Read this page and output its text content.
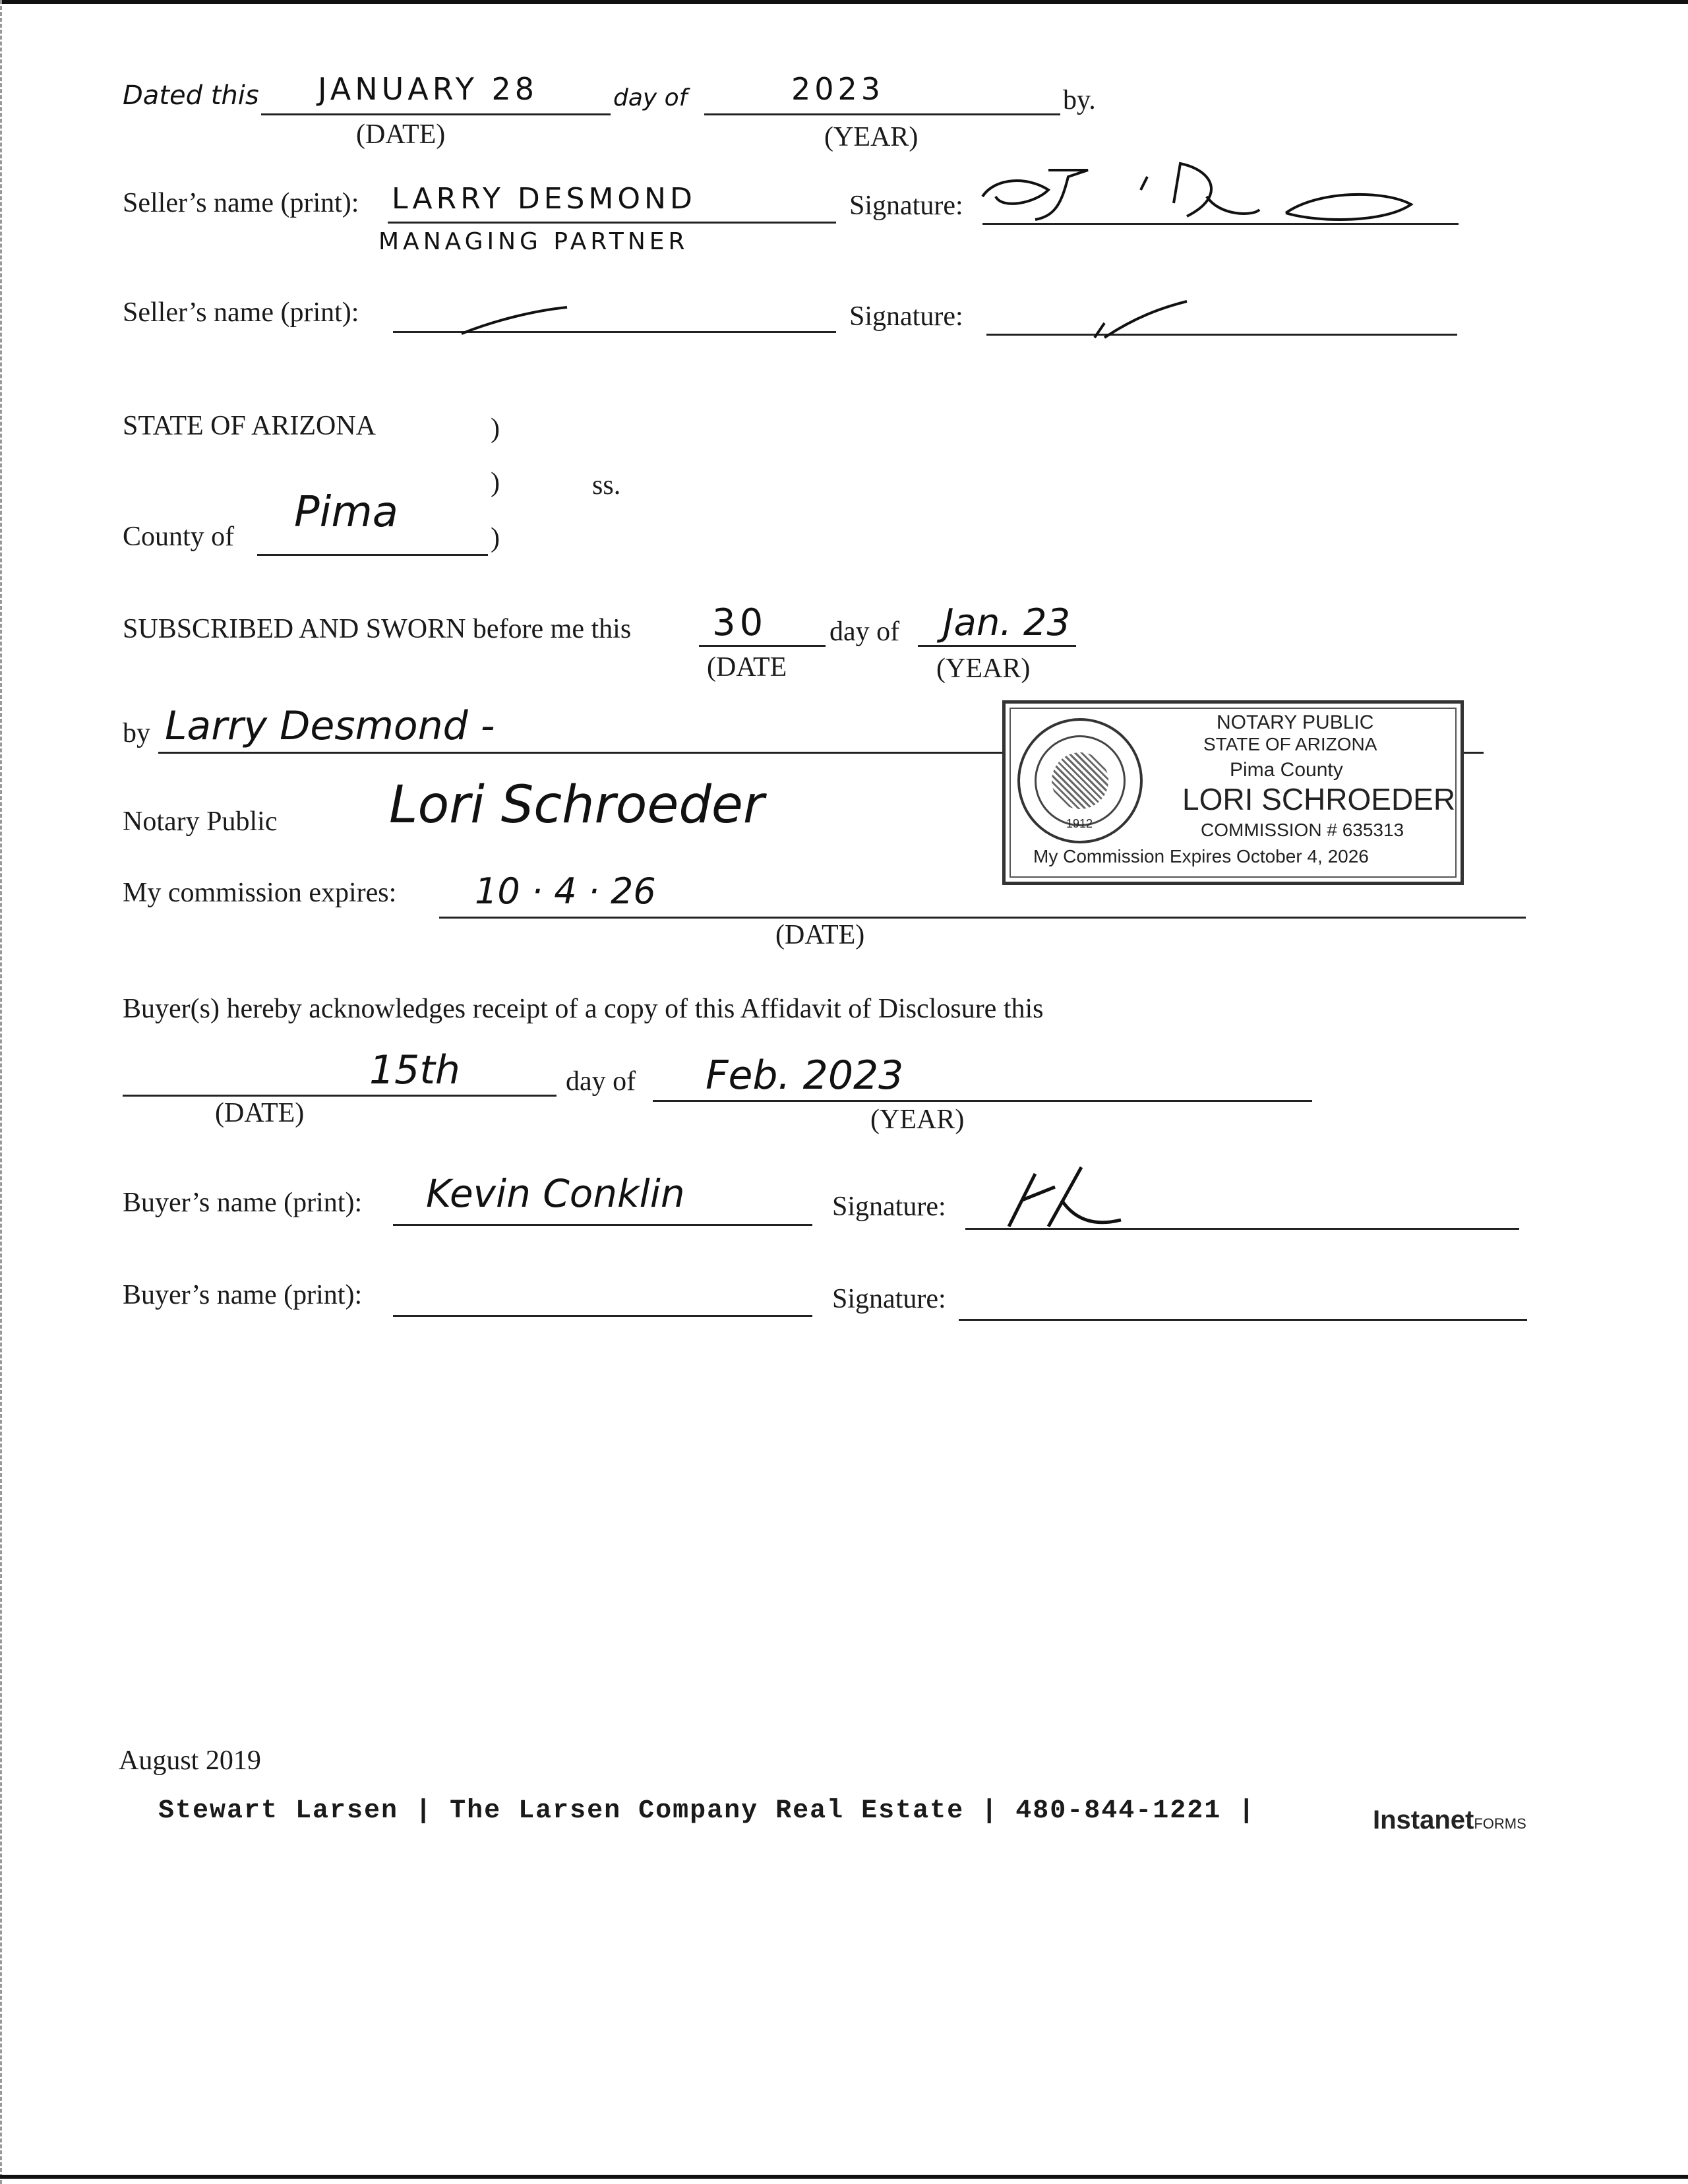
Dated this JANUARY 28	day of	2023	by.
(DATE)	(YEAR)
Seller’s name (print): LARRY DESMOND
MANAGING PARTNER
Signature:
Seller’s name (print):	Signature:
STATE OF ARIZONA	)
)	ss.
County of Pima
)
SUBSCRIBED AND SWORN before me this 30 day of Jan. 23
(DATE	(YEAR)
by Larry Desmond -
1912
NOTARY PUBLIC
STATE OF ARIZONA
Pima County
LORI SCHROEDER
COMMISSION # 635313
My Commission Expires October 4, 2026
Notary Public Lori Schroeder
My commission expires: 10 · 4 · 26
(DATE)
Buyer(s) hereby acknowledges receipt of a copy of this Affidavit of Disclosure this
15th	day of Feb. 2023
(DATE)	(YEAR)
Buyer’s name (print): Kevin Conklin	Signature:
Buyer’s name (print):	Signature:
August 2019
Stewart Larsen | The Larsen Company Real Estate | 480-844-1221 |	InstanetFORMS
